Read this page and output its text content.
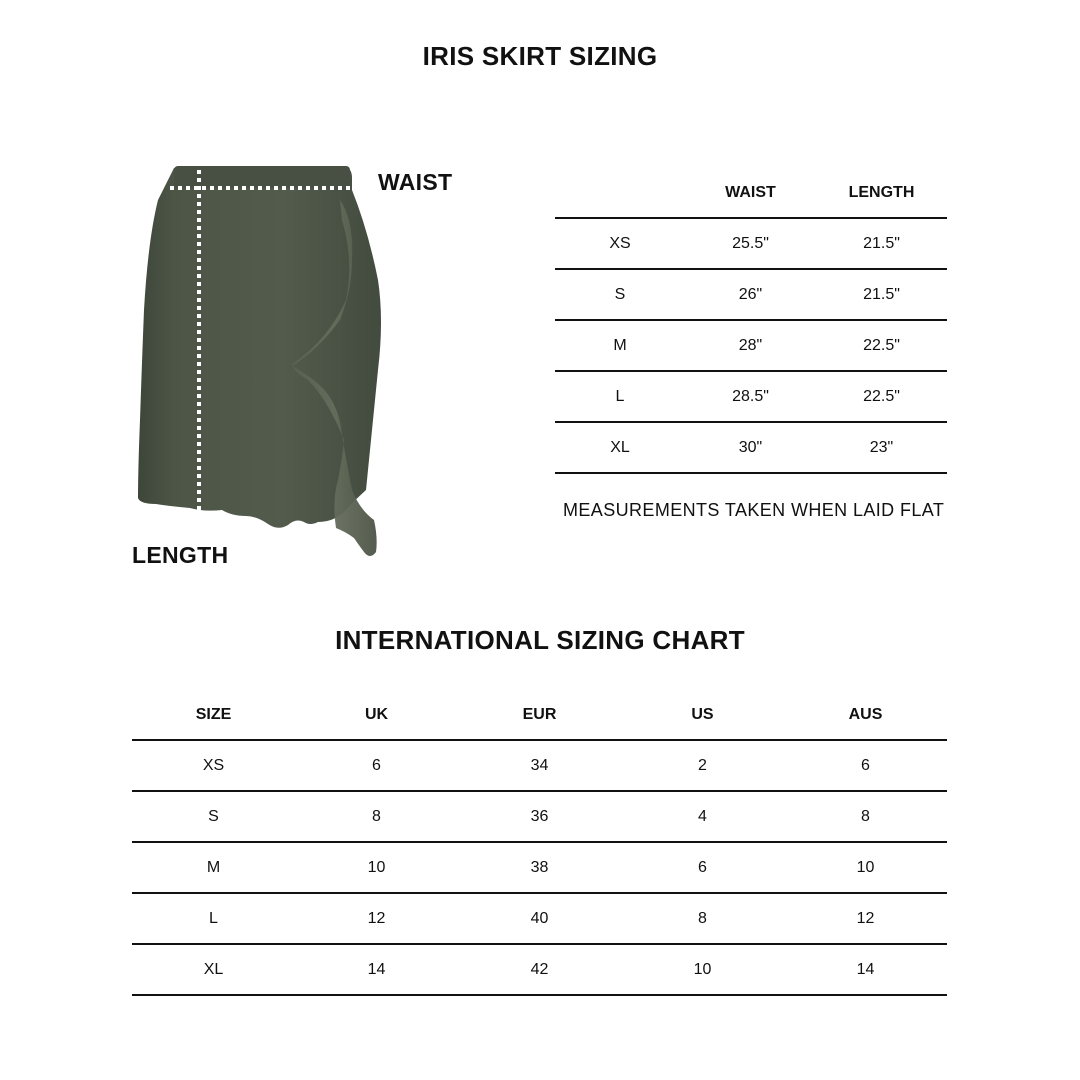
IRIS SKIRT SIZING

WAIST

LENGTH

	WAIST	LENGTH
XS	25.5"	21.5"
S	26"	21.5"
M	28"	22.5"
L	28.5"	22.5"
XL	30"	23"

MEASUREMENTS TAKEN WHEN LAID FLAT

INTERNATIONAL SIZING CHART
SIZE	UK	EUR	US	AUS
XS	6	34	2	6
S	8	36	4	8
M	10	38	6	10
L	12	40	8	12
XL	14	42	10	14
